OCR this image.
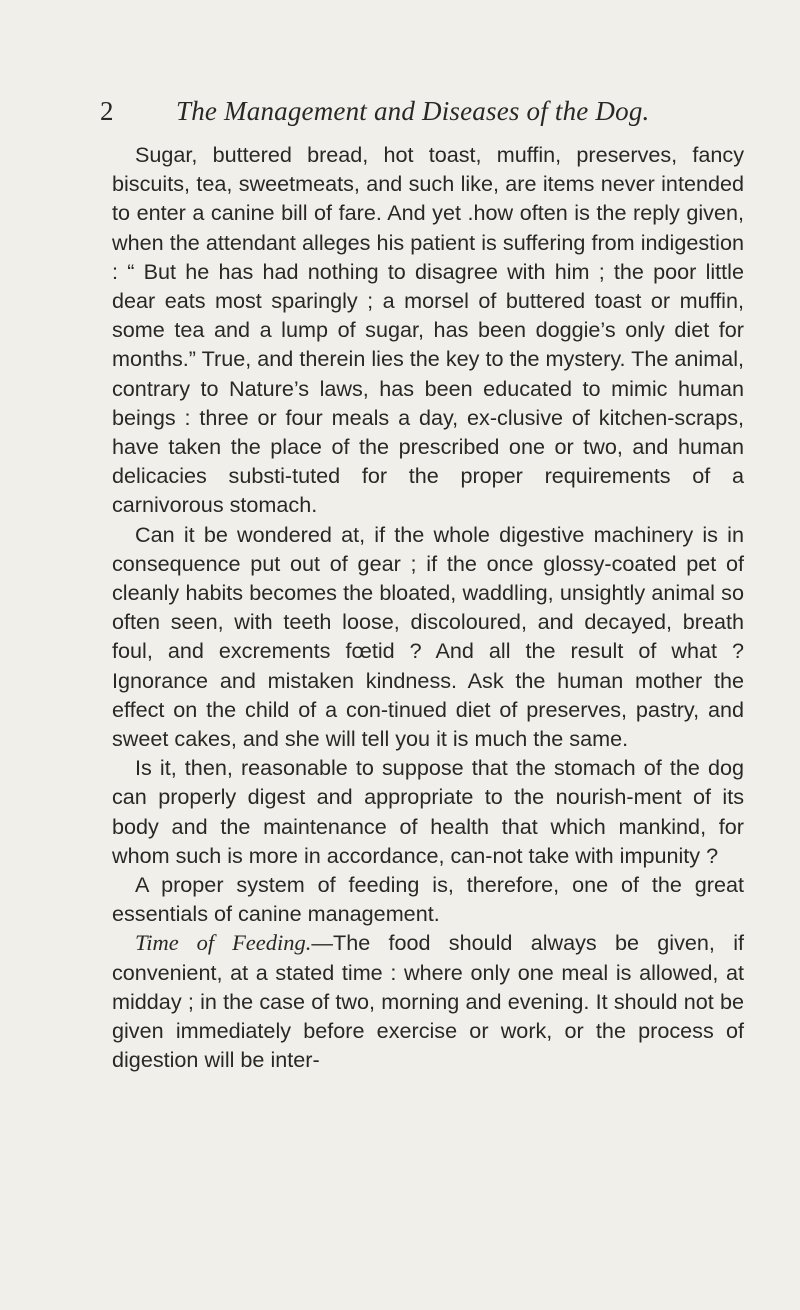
2 The Management and Diseases of the Dog.

Sugar, buttered bread, hot toast, muffin, preserves, fancy biscuits, tea, sweetmeats, and such like, are items never intended to enter a canine bill of fare. And yet .how often is the reply given, when the attendant alleges his patient is suffering from indigestion : “ But he has had nothing to disagree with him ; the poor little dear eats most sparingly ; a morsel of buttered toast or muffin, some tea and a lump of sugar, has been doggie’s only diet for months.” True, and therein lies the key to the mystery. The animal, contrary to Nature’s laws, has been educated to mimic human beings : three or four meals a day, ex-clusive of kitchen-scraps, have taken the place of the prescribed one or two, and human delicacies substi-tuted for the proper requirements of a carnivorous stomach.

Can it be wondered at, if the whole digestive machinery is in consequence put out of gear ; if the once glossy-coated pet of cleanly habits becomes the bloated, waddling, unsightly animal so often seen, with teeth loose, discoloured, and decayed, breath foul, and excrements fœtid ? And all the result of what ? Ignorance and mistaken kindness. Ask the human mother the effect on the child of a con-tinued diet of preserves, pastry, and sweet cakes, and she will tell you it is much the same.

Is it, then, reasonable to suppose that the stomach of the dog can properly digest and appropriate to the nourish-ment of its body and the maintenance of health that which mankind, for whom such is more in accordance, can-not take with impunity ?

A proper system of feeding is, therefore, one of the great essentials of canine management.

Time of Feeding.—The food should always be given, if convenient, at a stated time : where only one meal is allowed, at midday ; in the case of two, morning and evening. It should not be given immediately before exercise or work, or the process of digestion will be inter-
